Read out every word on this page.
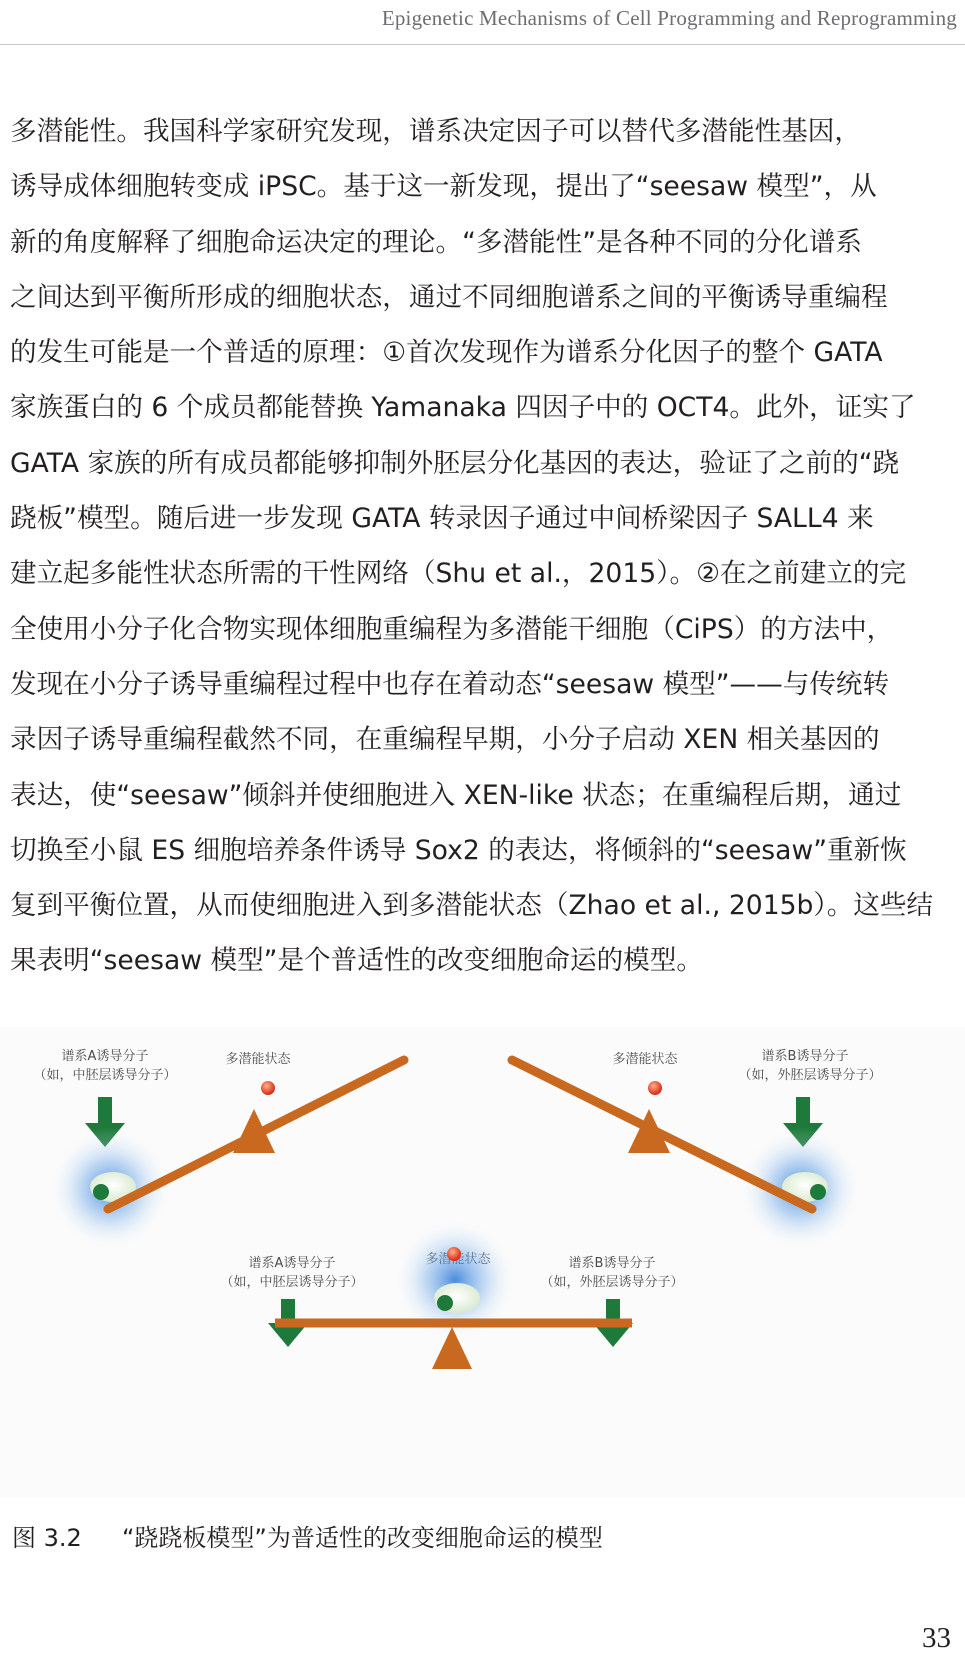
Epigenetic Mechanisms of Cell Programming and Reprogramming
多潜能性。我国科学家研究发现，谱系决定因子可以替代多潜能性基因，
诱导成体细胞转变成 iPSC。基于这一新发现，提出了“seesaw 模型”，从
新的角度解释了细胞命运决定的理论。“多潜能性”是各种不同的分化谱系
之间达到平衡所形成的细胞状态，通过不同细胞谱系之间的平衡诱导重编程
的发生可能是一个普适的原理：①首次发现作为谱系分化因子的整个 GATA
家族蛋白的 6 个成员都能替换 Yamanaka 四因子中的 OCT4。此外，证实了
GATA 家族的所有成员都能够抑制外胚层分化基因的表达，验证了之前的“跷
跷板”模型。随后进一步发现 GATA 转录因子通过中间桥梁因子 SALL4 来
建立起多能性状态所需的干性网络（Shu et al.，2015）。②在之前建立的完
全使用小分子化合物实现体细胞重编程为多潜能干细胞（CiPS）的方法中，
发现在小分子诱导重编程过程中也存在着动态“seesaw 模型”——与传统转
录因子诱导重编程截然不同，在重编程早期，小分子启动 XEN 相关基因的
表达，使“seesaw”倾斜并使细胞进入 XEN-like 状态；在重编程后期，通过
切换至小鼠 ES 细胞培养条件诱导 Sox2 的表达，将倾斜的“seesaw”重新恢
复到平衡位置，从而使细胞进入到多潜能状态（Zhao et al., 2015b）。这些结
果表明“seesaw 模型”是个普适性的改变细胞命运的模型。
谱系A诱导分子
（如，中胚层诱导分子）
多潜能状态	多潜能状态	谱系B诱导分子
（如，外胚层诱导分子）
谱系A诱导分子
（如，中胚层诱导分子）
谱系B诱导分子
（如，外胚层诱导分子）
图 3.2 “跷跷板模型”为普适性的改变细胞命运的模型
33
